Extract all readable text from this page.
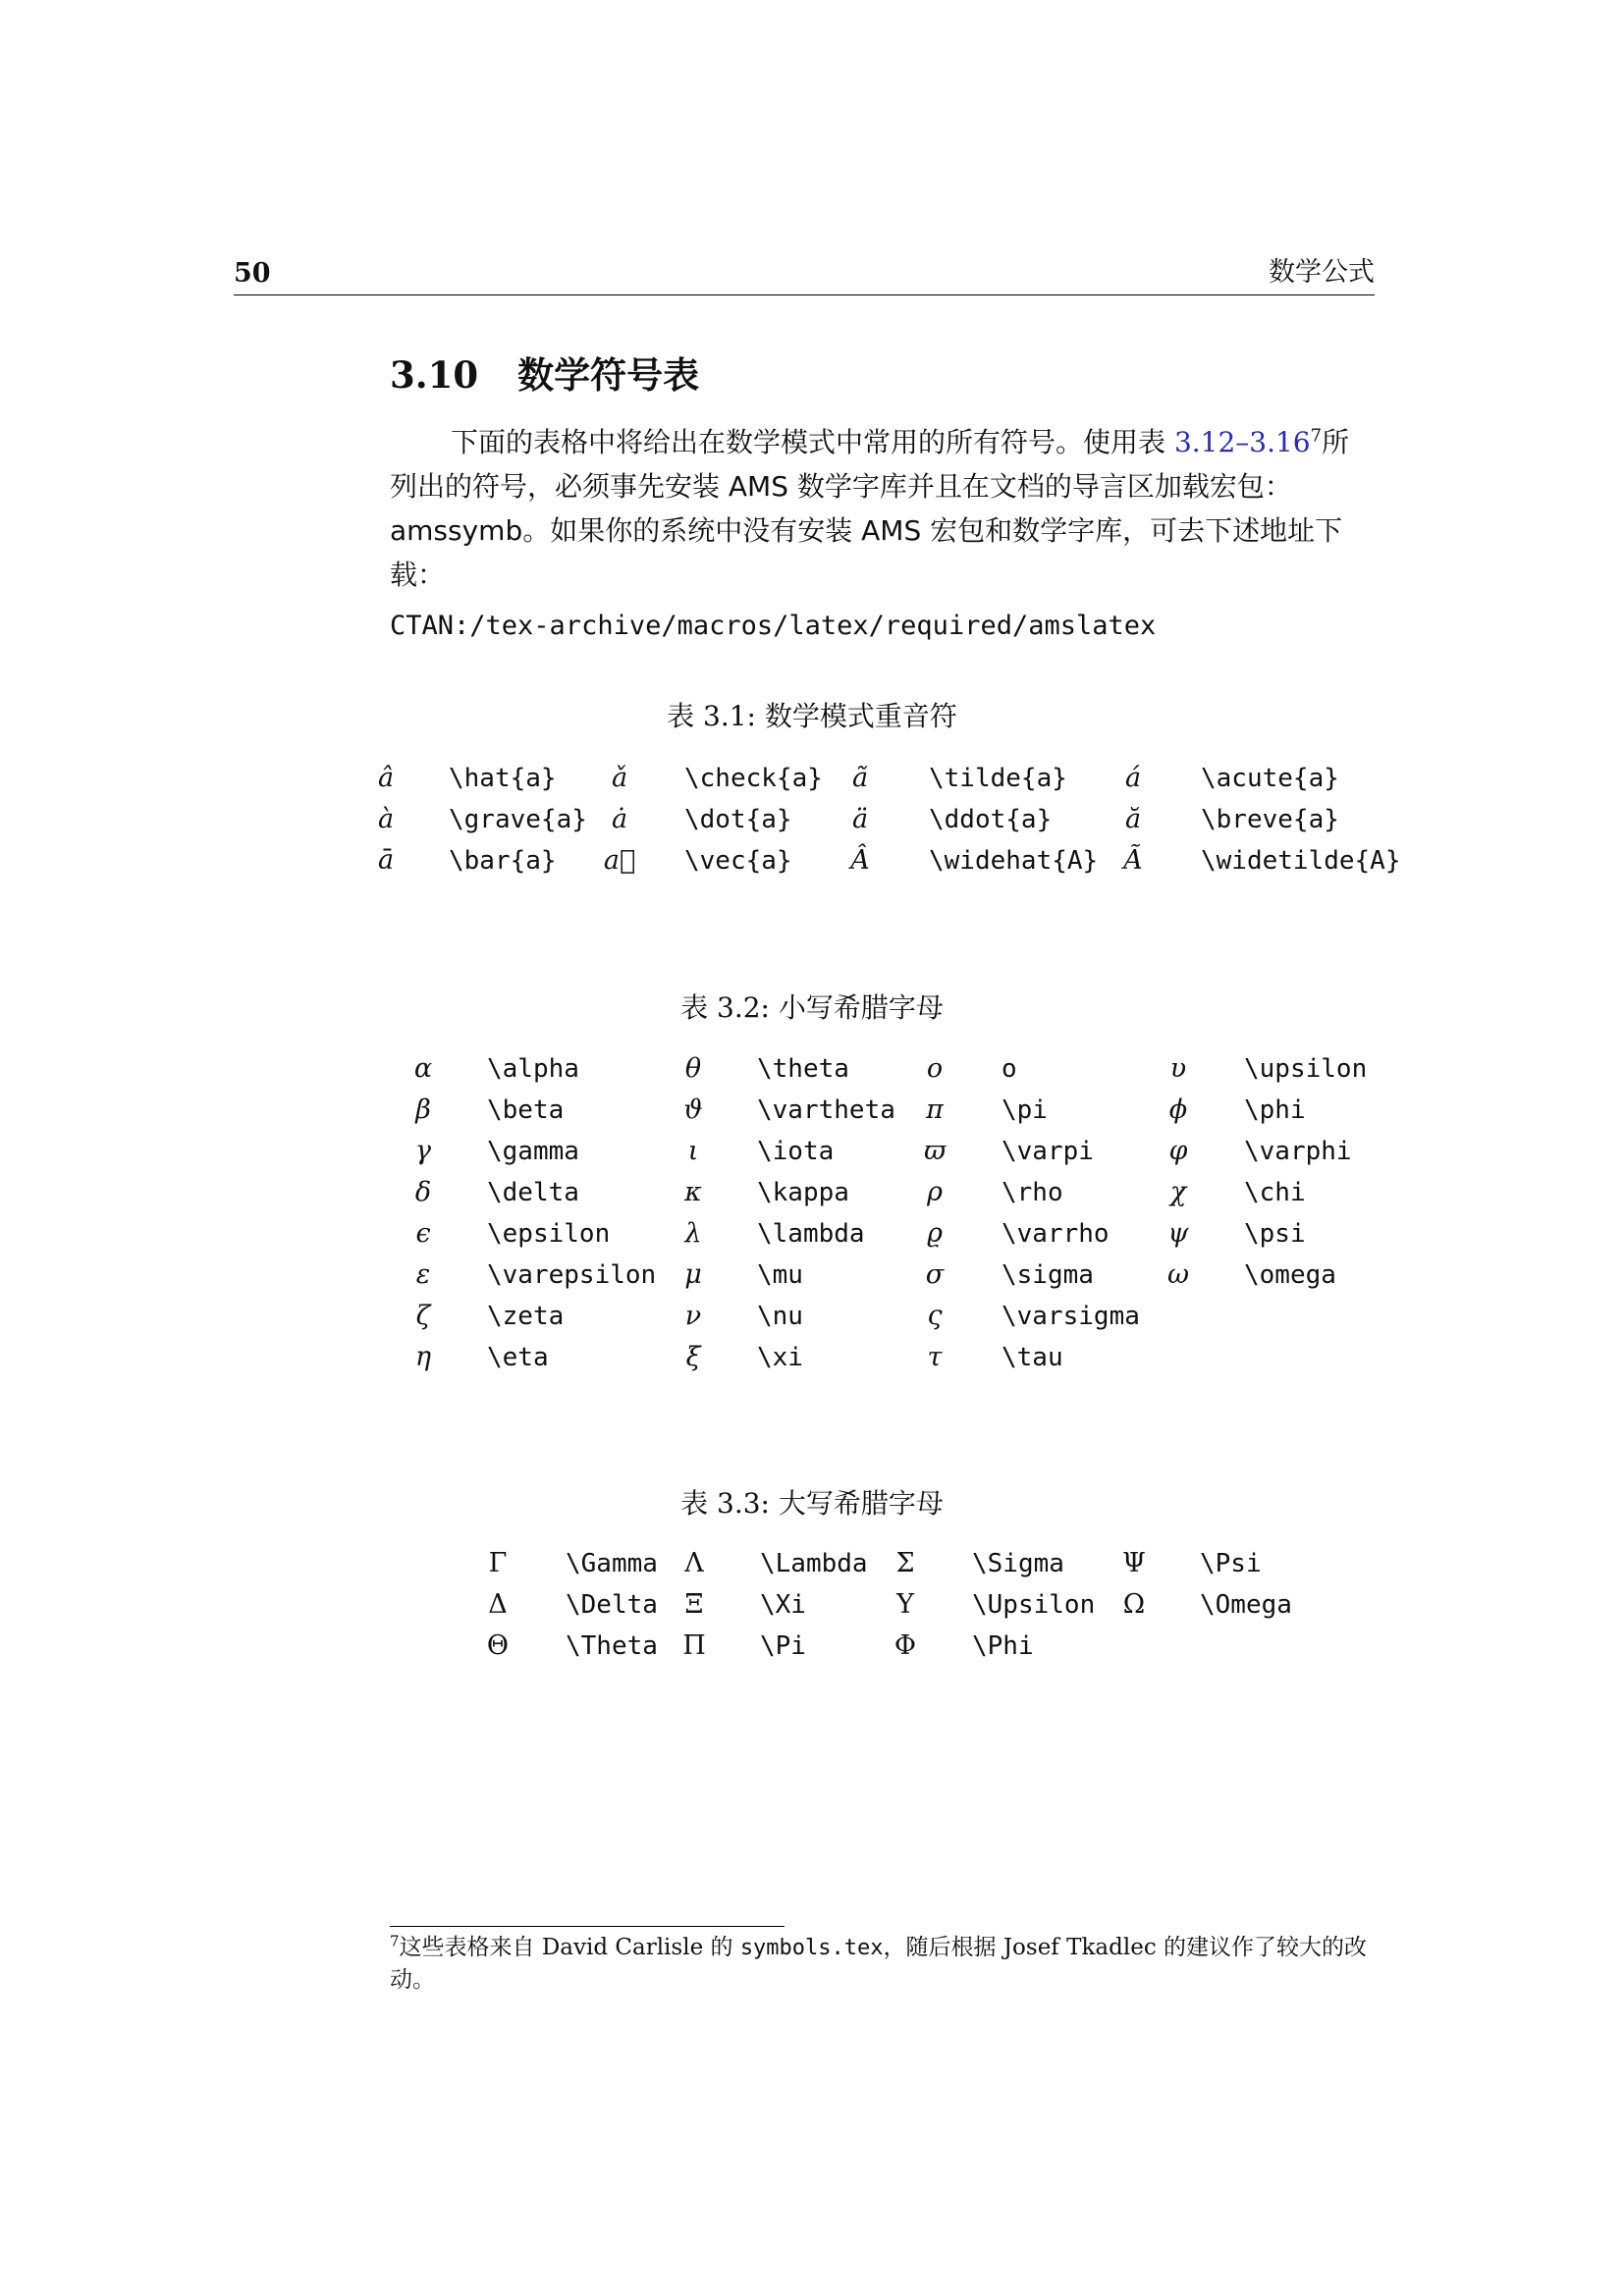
50	数学公式
3.10 数学符号表

下面的表格中将给出在数学模式中常用的所有符号。使用表 3.12–3.16$^7$所列出的符号，必须事先安装 AMS 数学字库并且在文档的导言区加载宏包： amssymb。如果你的系统中没有安装 AMS 宏包和数学字库，可去下述地址下载：

CTAN:/tex-archive/macros/latex/required/amslatex
表 3.1: 数学模式重音符
â	\hat{a}	ǎ	\check{a}	ã	\tilde{a}	á	\acute{a}
à	\grave{a} ȧ	\dot{a}	ä	\ddot{a}	ă	\breve{a}
ā	\bar{a} a⃗ \vec{a}	Â	\widehat{A} Ã	\widetilde{A}
表 3.2: 小写希腊字母
α	\alpha	θ	\theta	o	o	υ	\upsilon
β	\beta	ϑ	\vartheta	π	\pi	ϕ	\phi
γ	\gamma	ι	\iota	ϖ	\varpi	φ	\varphi
δ	\delta	κ	\kappa	ρ	\rho	χ	\chi
ϵ	\epsilon	λ	\lambda	ϱ	\varrho	ψ	\psi
ε	\varepsilon	μ	\mu	σ	\sigma	ω	\omega
ζ	\zeta	ν	\nu	ς	\varsigma
η	\eta	ξ	\xi	τ	\tau
表 3.3: 大写希腊字母
Γ	\Gamma	Λ	\Lambda	Σ	\Sigma	Ψ	\Psi
Δ	\Delta	Ξ	\Xi	Υ	\Upsilon	Ω	\Omega
Θ	\Theta Π	\Pi	Φ	\Phi
$^7$这些表格来自 David Carlisle 的 symbols.tex，随后根据 Josef Tkadlec 的建议作了较大的改动。
